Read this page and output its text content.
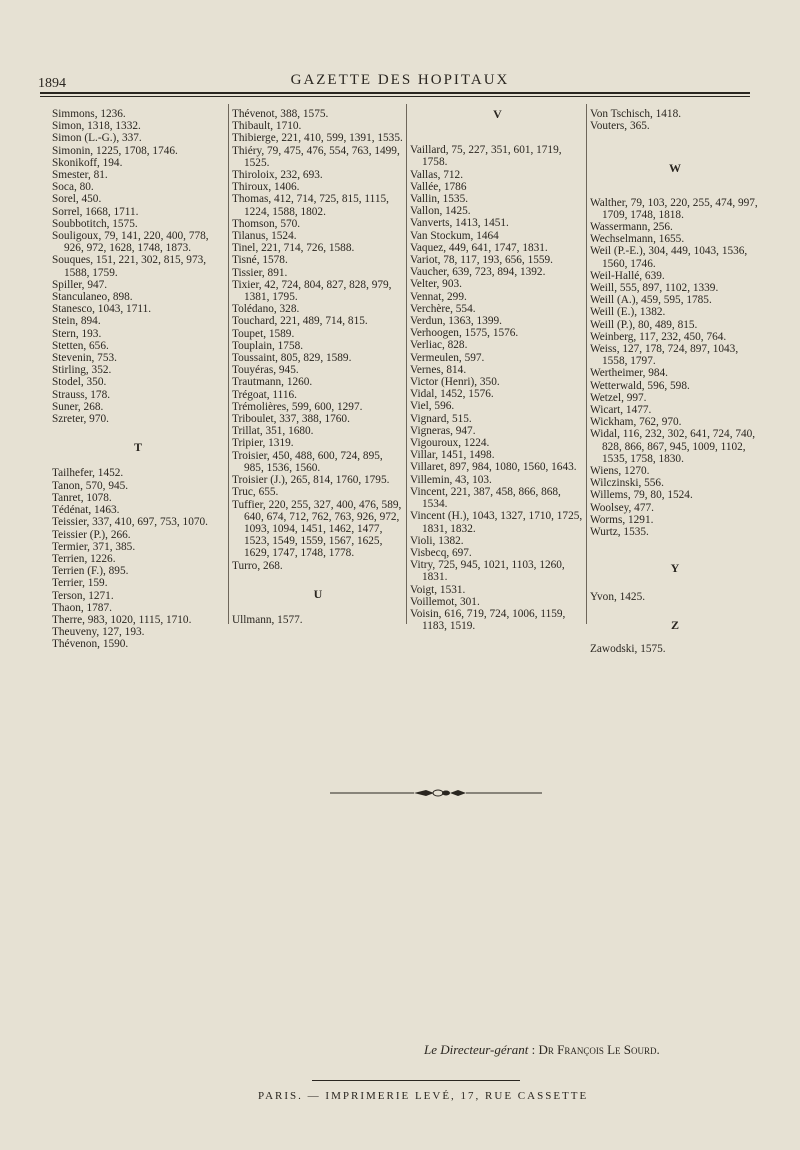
1894	GAZETTE DES HOPITAUX
Simmons, 1236.
Simon, 1318, 1332.
Simon (L.-G.), 337.
Simonin, 1225, 1708, 1746.
Skonikoff, 194.
Smester, 81.
Soca, 80.
Sorel, 450.
Sorrel, 1668, 1711.
Soubbotitch, 1575.
Souligoux, 79, 141, 220, 400, 778, 926, 972, 1628, 1748, 1873.
Souques, 151, 221, 302, 815, 973, 1588, 1759.
Spiller, 947.
Stanculaneo, 898.
Stanesco, 1043, 1711.
Stein, 894.
Stern, 193.
Stetten, 656.
Stevenin, 753.
Stirling, 352.
Stodel, 350.
Strauss, 178.
Suner, 268.
Szreter, 970.
T
Tailhefer, 1452.
Tanon, 570, 945.
Tanret, 1078.
Tédénat, 1463.
Teissier, 337, 410, 697, 753, 1070.
Teissier (P.), 266.
Termier, 371, 385.
Terrien, 1226.
Terrien (F.), 895.
Terrier, 159.
Terson, 1271.
Thaon, 1787.
Therre, 983, 1020, 1115, 1710.
Theuveny, 127, 193.
Thévenon, 1590.
Thévenot, 388, 1575.
Thibault, 1710.
Thibierge, 221, 410, 599, 1391, 1535.
Thiéry, 79, 475, 476, 554, 763, 1499, 1525.
Thiroloix, 232, 693.
Thiroux, 1406.
Thomas, 412, 714, 725, 815, 1115, 1224, 1588, 1802.
Thomson, 570.
Tilanus, 1524.
Tinel, 221, 714, 726, 1588.
Tisné, 1578.
Tissier, 891.
Tixier, 42, 724, 804, 827, 828, 979, 1381, 1795.
Tolédano, 328.
Touchard, 221, 489, 714, 815.
Toupet, 1589.
Touplain, 1758.
Toussaint, 805, 829, 1589.
Touyéras, 945.
Trautmann, 1260.
Trégoat, 1116.
Trémolières, 599, 600, 1297.
Triboulet, 337, 388, 1760.
Trillat, 351, 1680.
Tripier, 1319.
Troisier, 450, 488, 600, 724, 895, 985, 1536, 1560.
Troisier (J.), 265, 814, 1760, 1795.
Truc, 655.
Tuffier, 220, 255, 327, 400, 476, 589, 640, 674, 712, 762, 763, 926, 972, 1093, 1094, 1451, 1462, 1477, 1523, 1549, 1559, 1567, 1625, 1629, 1747, 1748, 1778.
Turro, 268.
U
Ullmann, 1577.
V
Vaillard, 75, 227, 351, 601, 1719, 1758.
Vallas, 712.
Vallée, 1786
Vallin, 1535.
Vallon, 1425.
Vanverts, 1413, 1451.
Van Stockum, 1464
Vaquez, 449, 641, 1747, 1831.
Variot, 78, 117, 193, 656, 1559.
Vaucher, 639, 723, 894, 1392.
Velter, 903.
Vennat, 299.
Verchère, 554.
Verdun, 1363, 1399.
Verhoogen, 1575, 1576.
Verliac, 828.
Vermeulen, 597.
Vernes, 814.
Victor (Henri), 350.
Vidal, 1452, 1576.
Viel, 596.
Vignard, 515.
Vigneras, 947.
Vigouroux, 1224.
Villar, 1451, 1498.
Villaret, 897, 984, 1080, 1560, 1643.
Villemin, 43, 103.
Vincent, 221, 387, 458, 866, 868, 1534.
Vincent (H.), 1043, 1327, 1710, 1725, 1831, 1832.
Violi, 1382.
Visbecq, 697.
Vitry, 725, 945, 1021, 1103, 1260, 1831.
Voigt, 1531.
Voillemot, 301.
Voisin, 616, 719, 724, 1006, 1159, 1183, 1519.
Von Tschisch, 1418.
Vouters, 365.
W
Walther, 79, 103, 220, 255, 474, 997, 1709, 1748, 1818.
Wassermann, 256.
Wechselmann, 1655.
Weil (P.-E.), 304, 449, 1043, 1536, 1560, 1746.
Weil-Hallé, 639.
Weill, 555, 897, 1102, 1339.
Weill (A.), 459, 595, 1785.
Weill (E.), 1382.
Weill (P.), 80, 489, 815.
Weinberg, 117, 232, 450, 764.
Weiss, 127, 178, 724, 897, 1043, 1558, 1797.
Wertheimer, 984.
Wetterwald, 596, 598.
Wetzel, 997.
Wicart, 1477.
Wickham, 762, 970.
Widal, 116, 232, 302, 641, 724, 740, 828, 866, 867, 945, 1009, 1102, 1535, 1758, 1830.
Wiens, 1270.
Wilczinski, 556.
Willems, 79, 80, 1524.
Woolsey, 477.
Worms, 1291.
Wurtz, 1535.
Y
Yvon, 1425.
Z
Zawodski, 1575.
Le Directeur-gérant : Dr François Le Sourd.
PARIS. — IMPRIMERIE LEVÉ, 17, RUE CASSETTE
